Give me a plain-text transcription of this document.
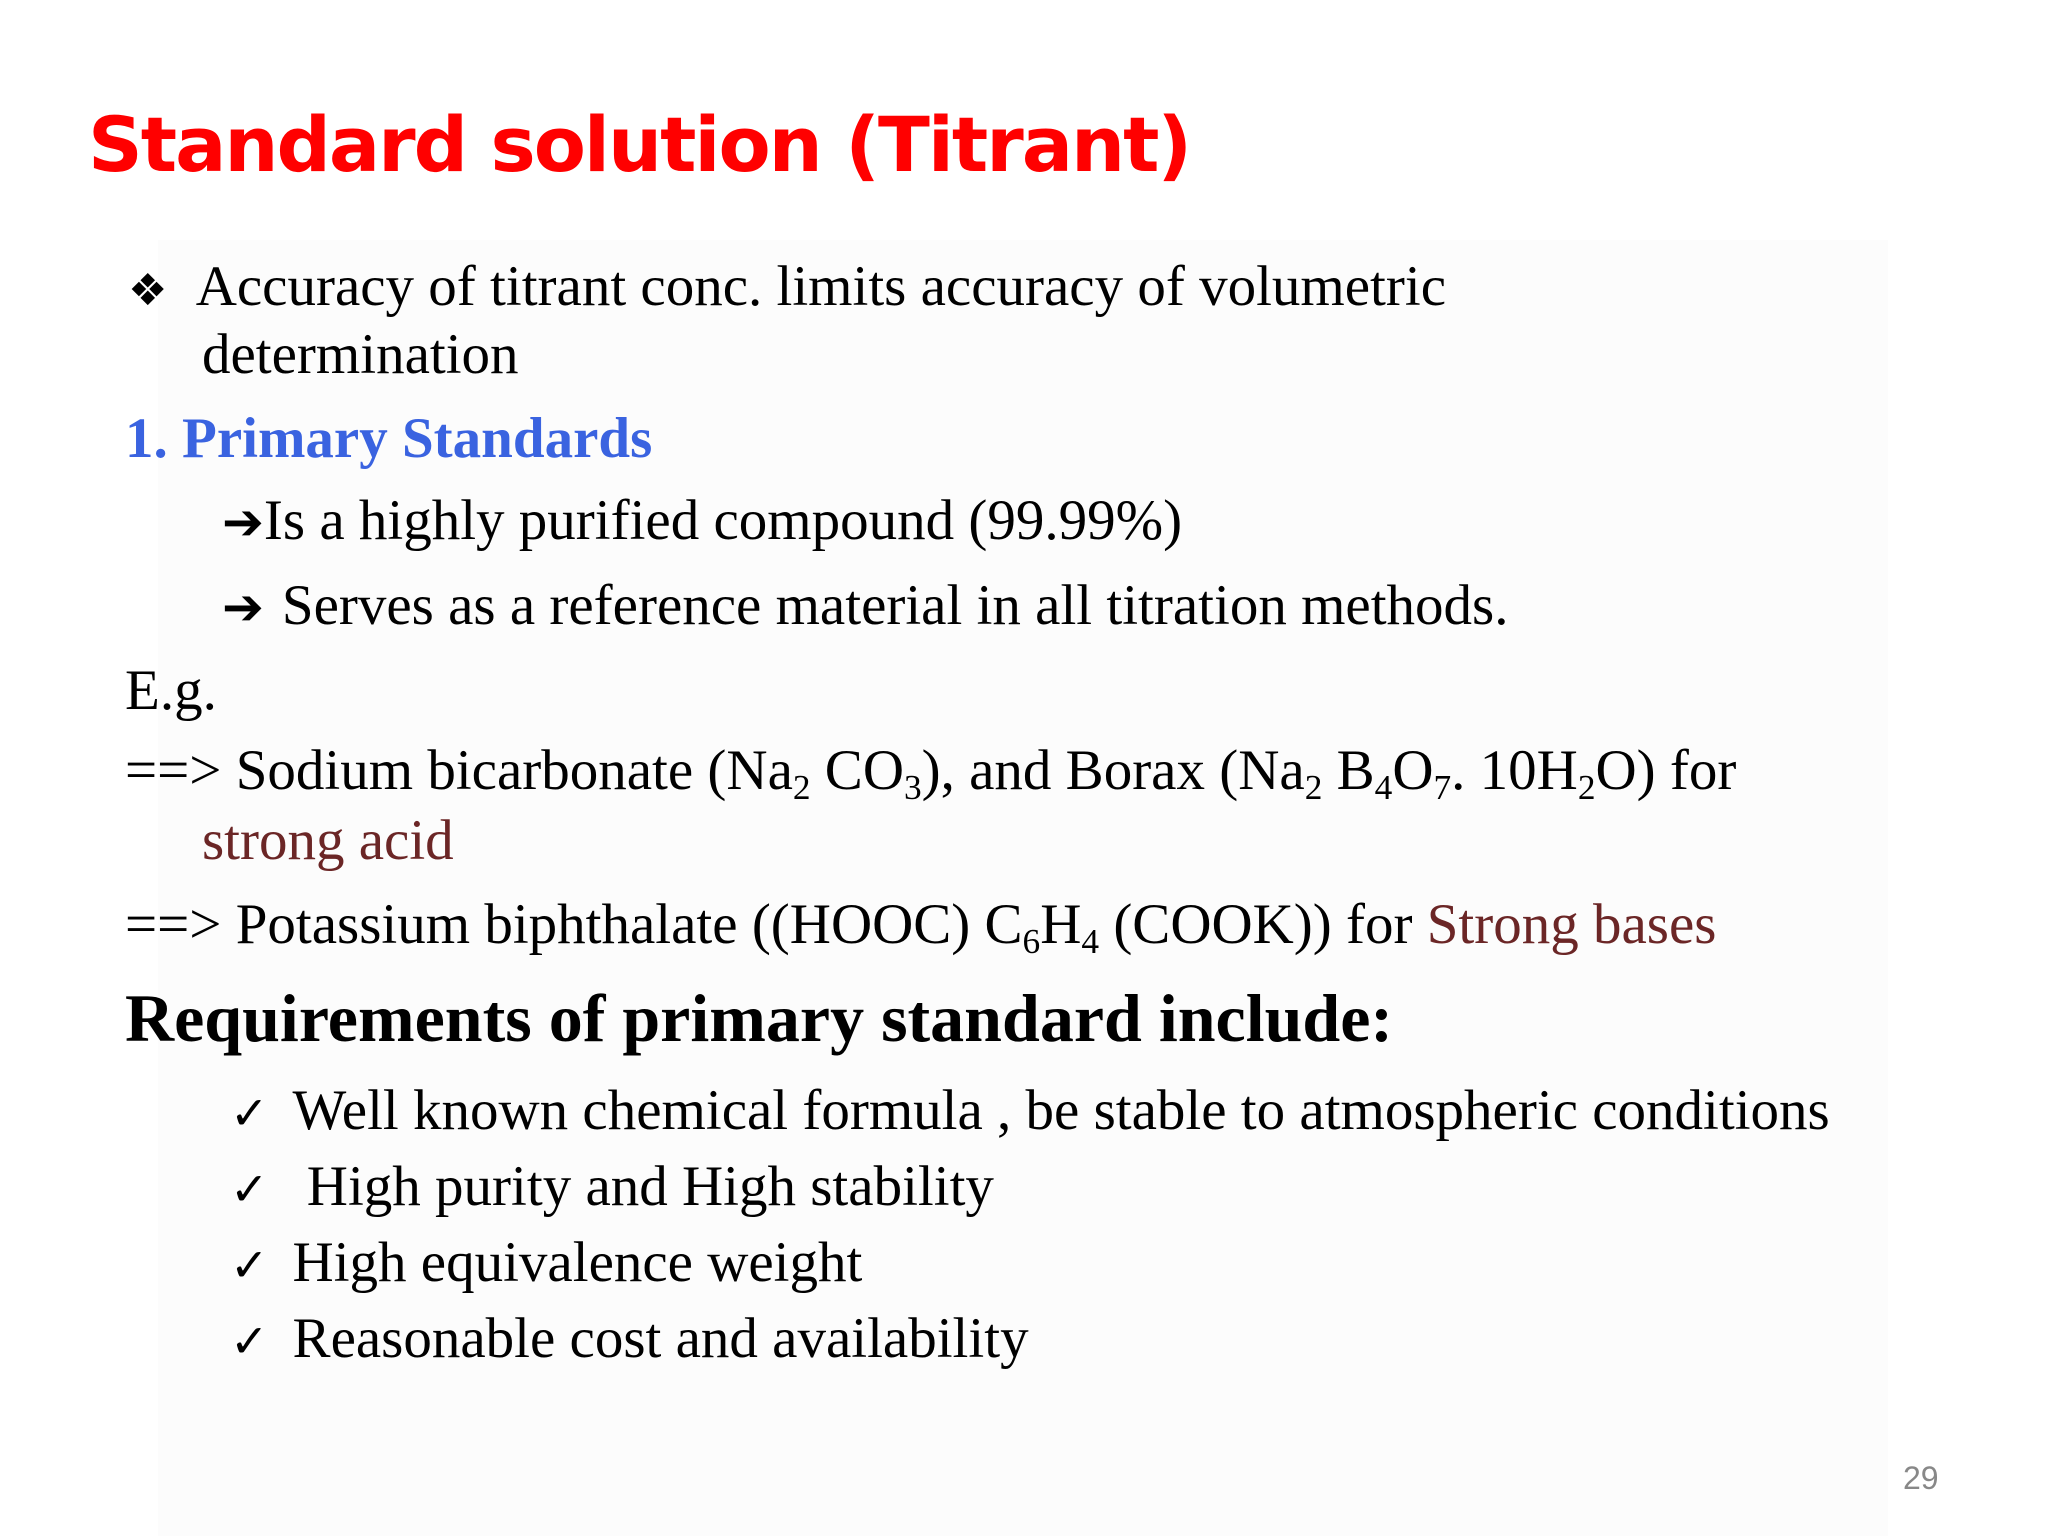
Standard solution (Titrant)
❖ Accuracy of titrant conc. limits accuracy of volumetric
determination
1. Primary Standards
➔Is a highly purified compound (99.99%)
➔ Serves as a reference material in all titration methods.
E.g.
==> Sodium bicarbonate ($Na_2$ $CO_3$), and Borax ($Na_2$ $B_4O_7$. $10H_2O$) for
strong acid
==> Potassium biphthalate ((HOOC) $C_6H_4$ (COOK)) for Strong bases
Requirements of primary standard include:
✓ Well known chemical formula , be stable to atmospheric conditions
✓ High purity and High stability
✓ High equivalence weight
✓ Reasonable cost and availability
29
